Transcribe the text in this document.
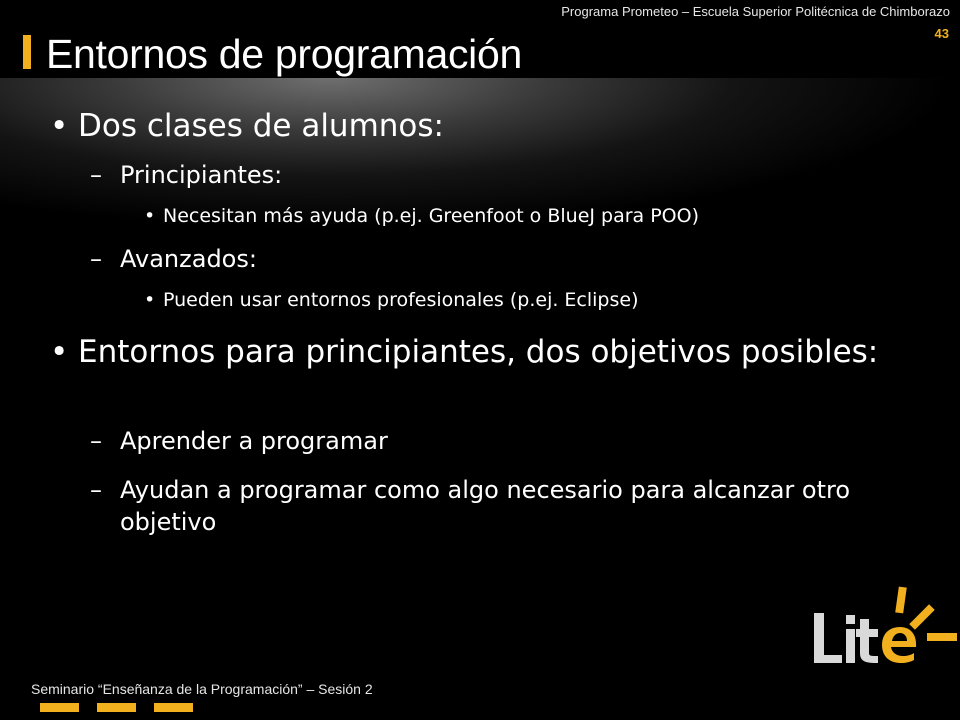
Programa Prometeo – Escuela Superior Politécnica de Chimborazo
43
Entornos de programación
• Dos clases de alumnos:
– Principiantes:
• Necesitan más ayuda (p.ej. Greenfoot o BlueJ para POO)
– Avanzados:
• Pueden usar entornos profesionales (p.ej. Eclipse)
• Entornos para principiantes, dos objetivos posibles:
– Aprender a programar
– Ayudan a programar como algo necesario para alcanzar otro objetivo
Seminario “Enseñanza de la Programación” – Sesión 2
